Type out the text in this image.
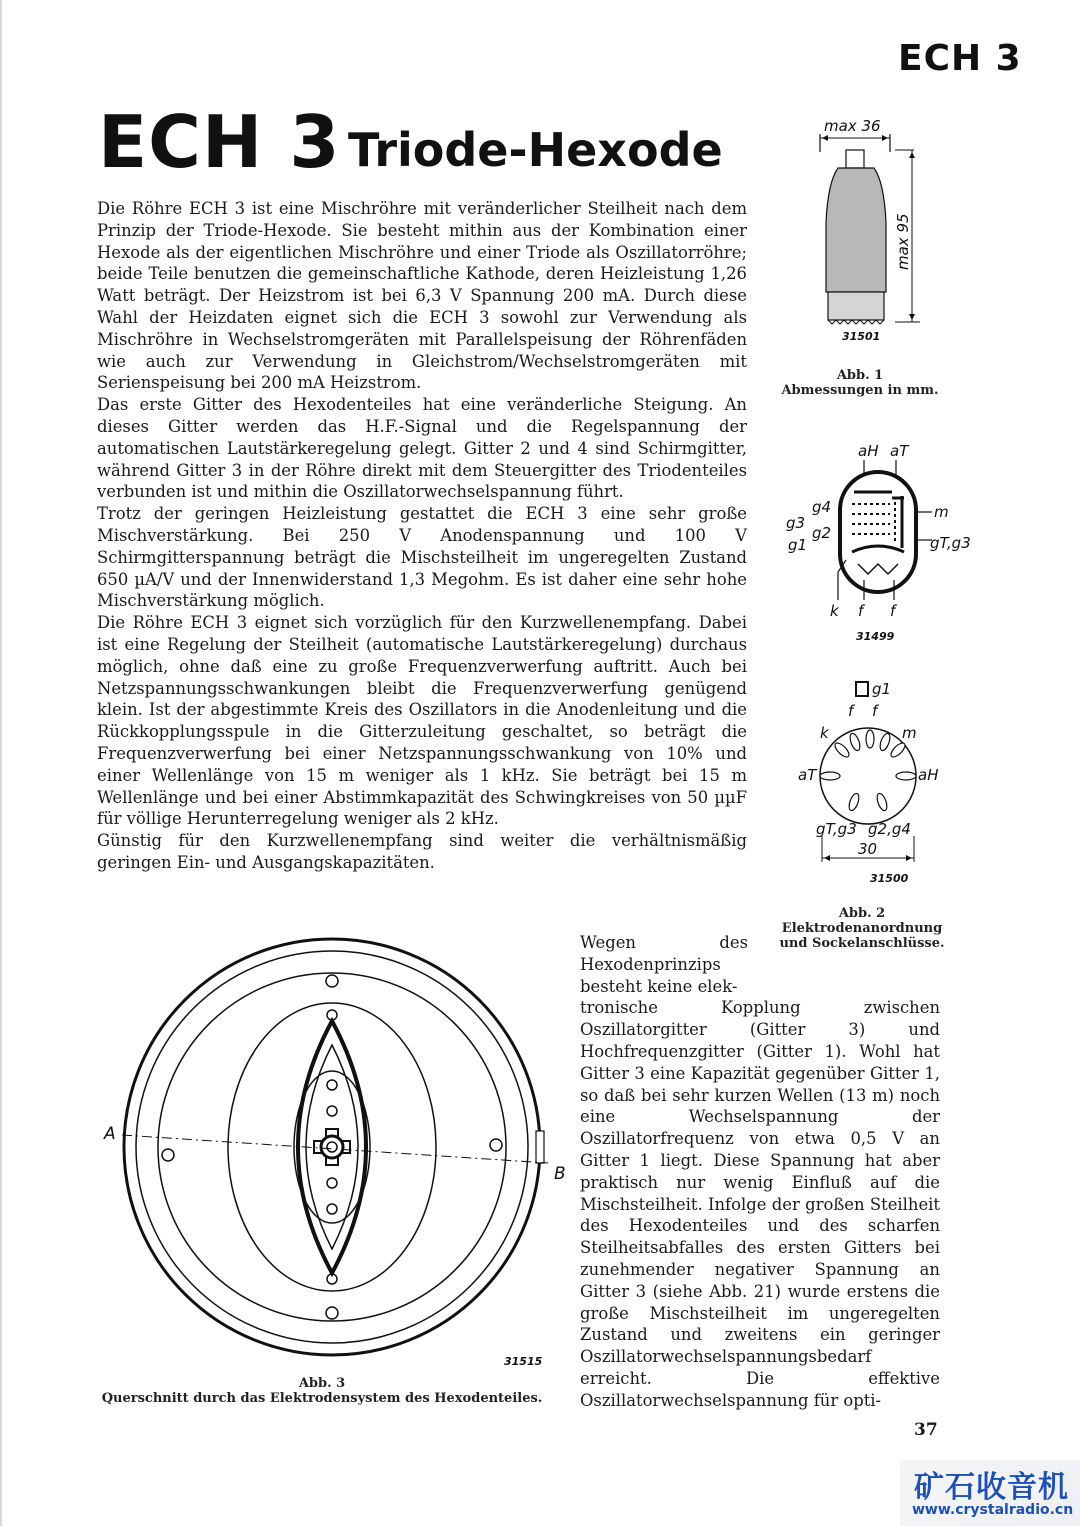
ECH 3
ECH 3 Triode-Hexode

Die Röhre ECH 3 ist eine Mischröhre mit veränderlicher Steilheit nach dem Prinzip der Triode-Hexode. Sie besteht mithin aus der Kombination einer Hexode als der eigentlichen Mischröhre und einer Triode als Oszillatorröhre; beide Teile benutzen die gemeinschaftliche Kathode, deren Heizleistung 1,26 Watt beträgt. Der Heizstrom ist bei 6,3 V Spannung 200 mA. Durch diese Wahl der Heizdaten eignet sich die ECH 3 sowohl zur Verwendung als Mischröhre in Wechselstromgeräten mit Parallelspeisung der Röhrenfäden wie auch zur Verwendung in Gleichstrom/Wechselstromgeräten mit Serienspeisung bei 200 mA Heizstrom.

Das erste Gitter des Hexodenteiles hat eine veränderliche Steigung. An dieses Gitter werden das H.F.-Signal und die Regelspannung der automatischen Lautstärkeregelung gelegt. Gitter 2 und 4 sind Schirmgitter, während Gitter 3 in der Röhre direkt mit dem Steuergitter des Triodenteiles verbunden ist und mithin die Oszillatorwechselspannung führt.

Trotz der geringen Heizleistung gestattet die ECH 3 eine sehr große Mischverstärkung. Bei 250 V Anodenspannung und 100 V Schirmgitterspannung beträgt die Mischsteilheit im ungeregelten Zustand 650 µA/V und der Innenwiderstand 1,3 Megohm. Es ist daher eine sehr hohe Mischverstärkung möglich.

Die Röhre ECH 3 eignet sich vorzüglich für den Kurzwellenempfang. Dabei ist eine Regelung der Steilheit (automatische Lautstärkeregelung) durchaus möglich, ohne daß eine zu große Frequenzverwerfung auftritt. Auch bei Netzspannungsschwankungen bleibt die Frequenzverwerfung genügend klein. Ist der abgestimmte Kreis des Oszillators in die Anodenleitung und die Rückkopplungsspule in die Gitterzuleitung geschaltet, so beträgt die Frequenzverwerfung bei einer Netzspannungsschwankung von 10% und einer Wellenlänge von 15 m weniger als 1 kHz. Sie beträgt bei 15 m Wellenlänge und bei einer Abstimmkapazität des Schwingkreises von 50 µµF für völlige Herunterregelung weniger als 2 kHz.

Günstig für den Kurzwellenempfang sind weiter die verhältnismäßig geringen Ein- und Ausgangskapazitäten.

Wegen des Hexodenprinzips besteht keine elek-

tronische Kopplung zwischen Oszillatorgitter (Gitter 3) und Hochfrequenzgitter (Gitter 1). Wohl hat Gitter 3 eine Kapazität gegenüber Gitter 1, so daß bei sehr kurzen Wellen (13 m) noch eine Wechselspannung der Oszillatorfrequenz von etwa 0,5 V an Gitter 1 liegt. Diese Spannung hat aber praktisch nur wenig Einfluß auf die Mischsteilheit. Infolge der großen Steilheit des Hexodenteiles und des scharfen Steilheitsabfalles des ersten Gitters bei zunehmender negativer Spannung an Gitter 3 (siehe Abb. 21) wurde erstens die große Mischsteilheit im ungeregelten Zustand und zweitens ein geringer Oszillatorwechselspannungsbedarf erreicht. Die effektive Oszillatorwechselspannung für opti-

max 36
max 95
31501
Abb. 1
Abmessungen in mm.
aH aT
m
g4
g3
g2
g1	gT,g3
k f f
31499
g1
f f
k	m
aT	aH
gT,g3 g2,g4
30
31500
Abb. 2
Elektrodenanordnung und Sockelanschlüsse.
A
B
31515
Abb. 3
Querschnitt durch das Elektrodensystem des Hexodenteiles.
37
矿石收音机
www.crystalradio.cn
